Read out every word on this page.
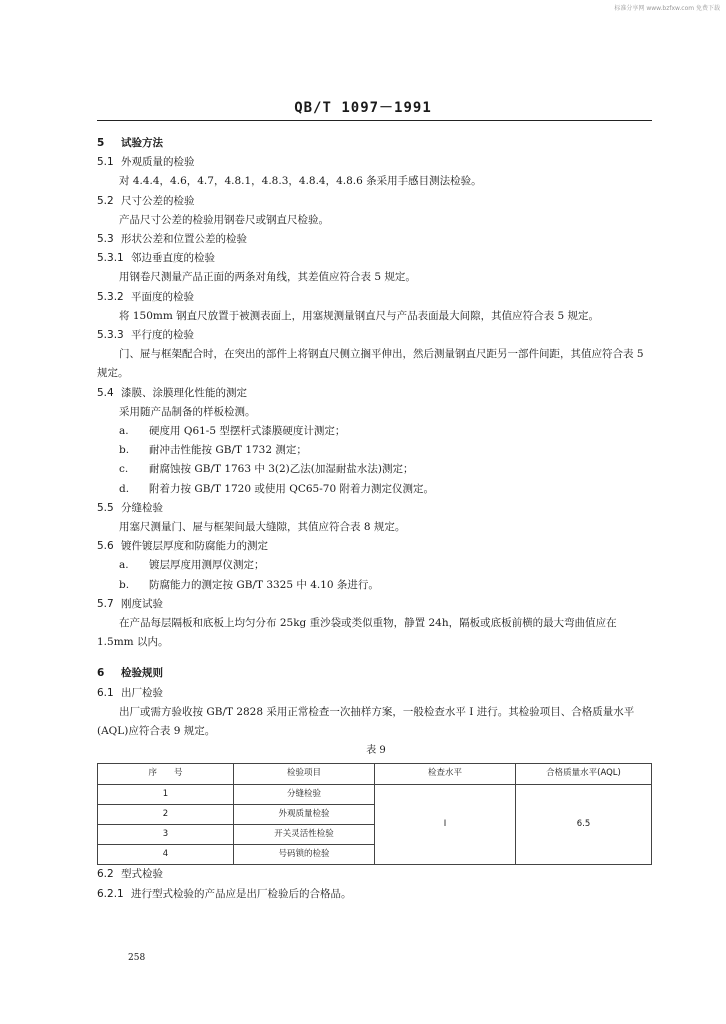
标准分享网 www.bzfxw.com 免费下载
QB/T 1097－1991
5 试验方法
5.1 外观质量的检验
对 4.4.4，4.6，4.7，4.8.1，4.8.3，4.8.4，4.8.6 条采用手感目测法检验。
5.2 尺寸公差的检验
产品尺寸公差的检验用钢卷尺或钢直尺检验。
5.3 形状公差和位置公差的检验
5.3.1 邻边垂直度的检验
用钢卷尺测量产品正面的两条对角线，其差值应符合表 5 规定。
5.3.2 平面度的检验
将 150mm 钢直尺放置于被测表面上，用塞规测量钢直尺与产品表面最大间隙，其值应符合表 5 规定。
5.3.3 平行度的检验
门、屉与框架配合时，在突出的部件上将钢直尺侧立搁平伸出，然后测量钢直尺距另一部件间距，其值应符合表 5 规定。
5.4 漆膜、涂膜理化性能的测定
采用随产品制备的样板检测。
a. 硬度用 Q61-5 型摆杆式漆膜硬度计测定；
b. 耐冲击性能按 GB/T 1732 测定；
c. 耐腐蚀按 GB/T 1763 中 3(2)乙法(加湿耐盐水法)测定；
d. 附着力按 GB/T 1720 或使用 QC65-70 附着力测定仪测定。
5.5 分缝检验
用塞尺测量门、屉与框架间最大缝隙，其值应符合表 8 规定。
5.6 镀件镀层厚度和防腐能力的测定
a. 镀层厚度用测厚仪测定；
b. 防腐能力的测定按 GB/T 3325 中 4.10 条进行。
5.7 刚度试验
在产品每层隔板和底板上均匀分布 25kg 重沙袋或类似重物，静置 24h，隔板或底板前横的最大弯曲值应在 1.5mm 以内。
6 检验规则
6.1 出厂检验
出厂或需方验收按 GB/T 2828 采用正常检查一次抽样方案，一般检查水平 Ⅰ 进行。其检验项目、合格质量水平(AQL)应符合表 9 规定。
表 9
序　　号	检验项目	检查水平	合格质量水平(AQL)
1	分缝检验	Ⅰ	6.5
2	外观质量检验		
3	开关灵活性检验		
4	号码锁的检验		
6.2 型式检验
6.2.1 进行型式检验的产品应是出厂检验后的合格品。
258
